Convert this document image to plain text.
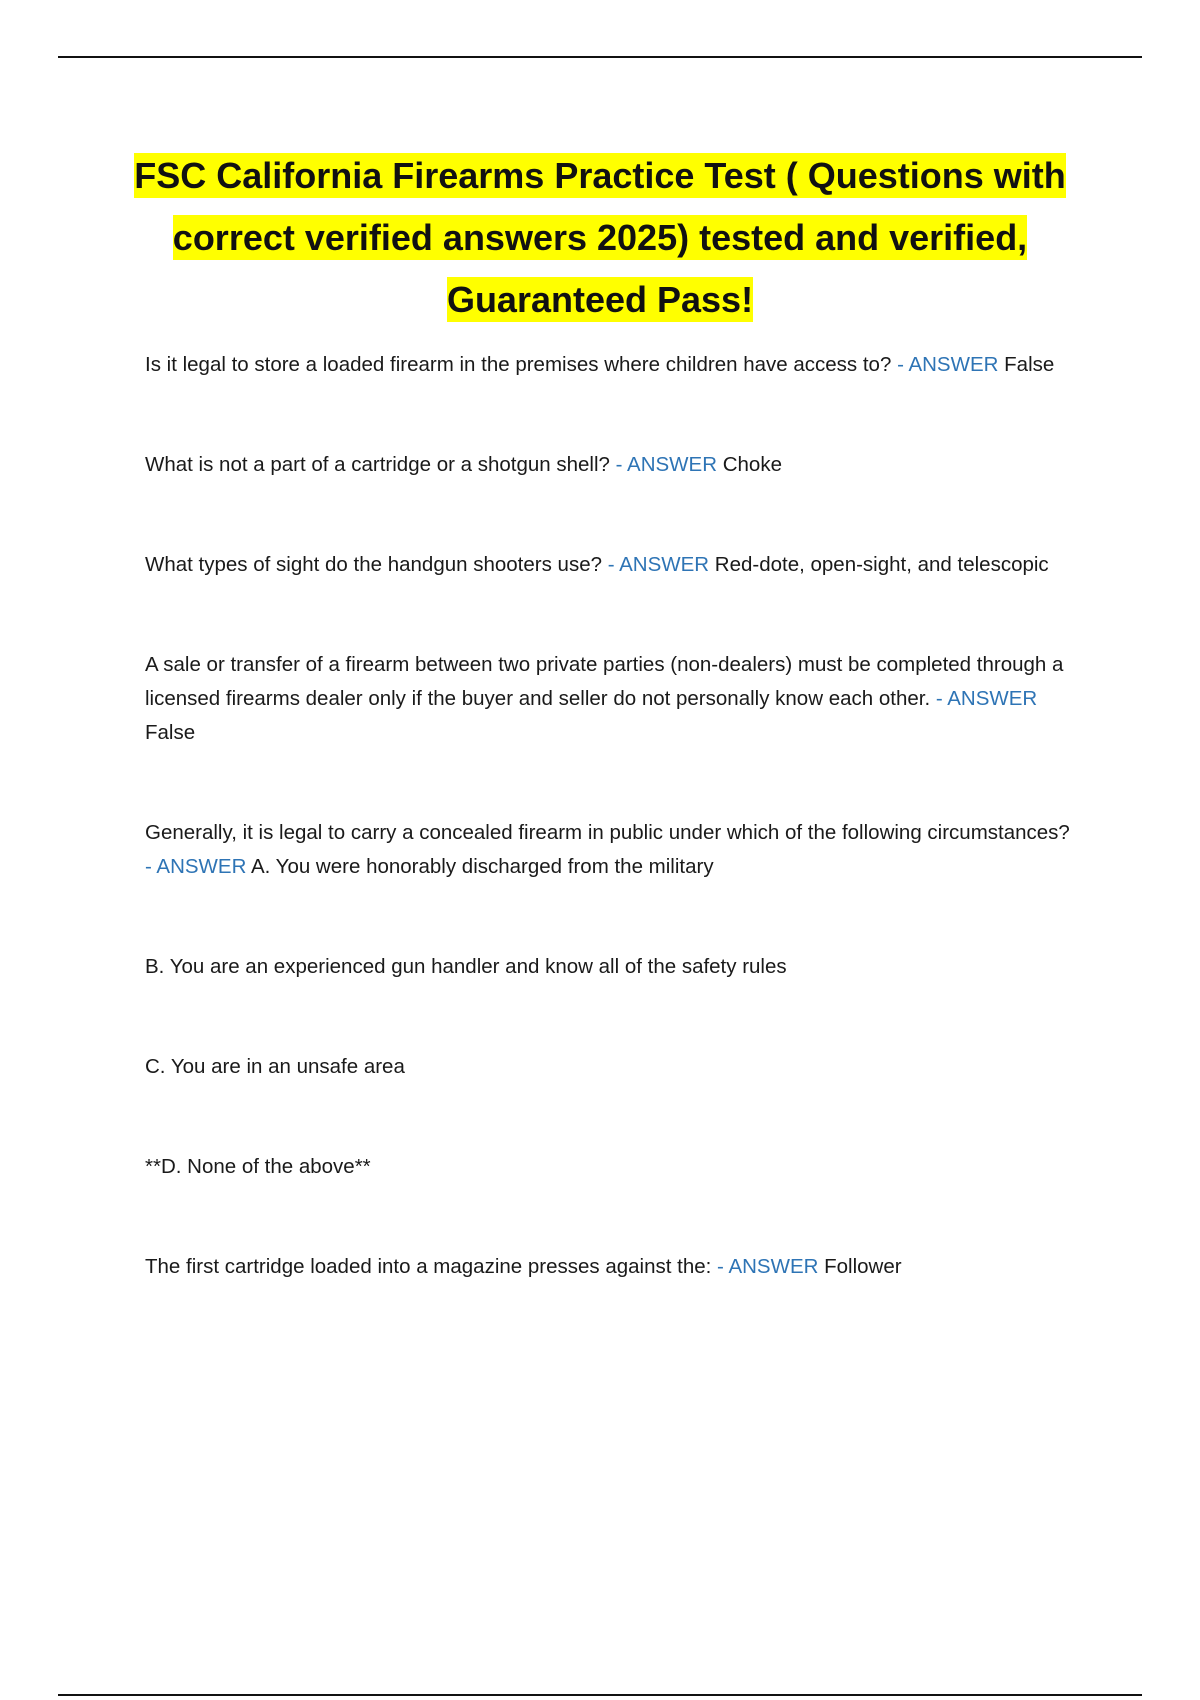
FSC California Firearms Practice Test ( Questions with correct verified answers 2025) tested and verified, Guaranteed Pass!

Is it legal to store a loaded firearm in the premises where children have access to? - ANSWER False

What is not a part of a cartridge or a shotgun shell? - ANSWER Choke

What types of sight do the handgun shooters use? - ANSWER Red-dote, open-sight, and telescopic

A sale or transfer of a firearm between two private parties (non-dealers) must be completed through a licensed firearms dealer only if the buyer and seller do not personally know each other. - ANSWER False

Generally, it is legal to carry a concealed firearm in public under which of the following circumstances? - ANSWER A. You were honorably discharged from the military

B. You are an experienced gun handler and know all of the safety rules

C. You are in an unsafe area

**D. None of the above**

The first cartridge loaded into a magazine presses against the: - ANSWER Follower
